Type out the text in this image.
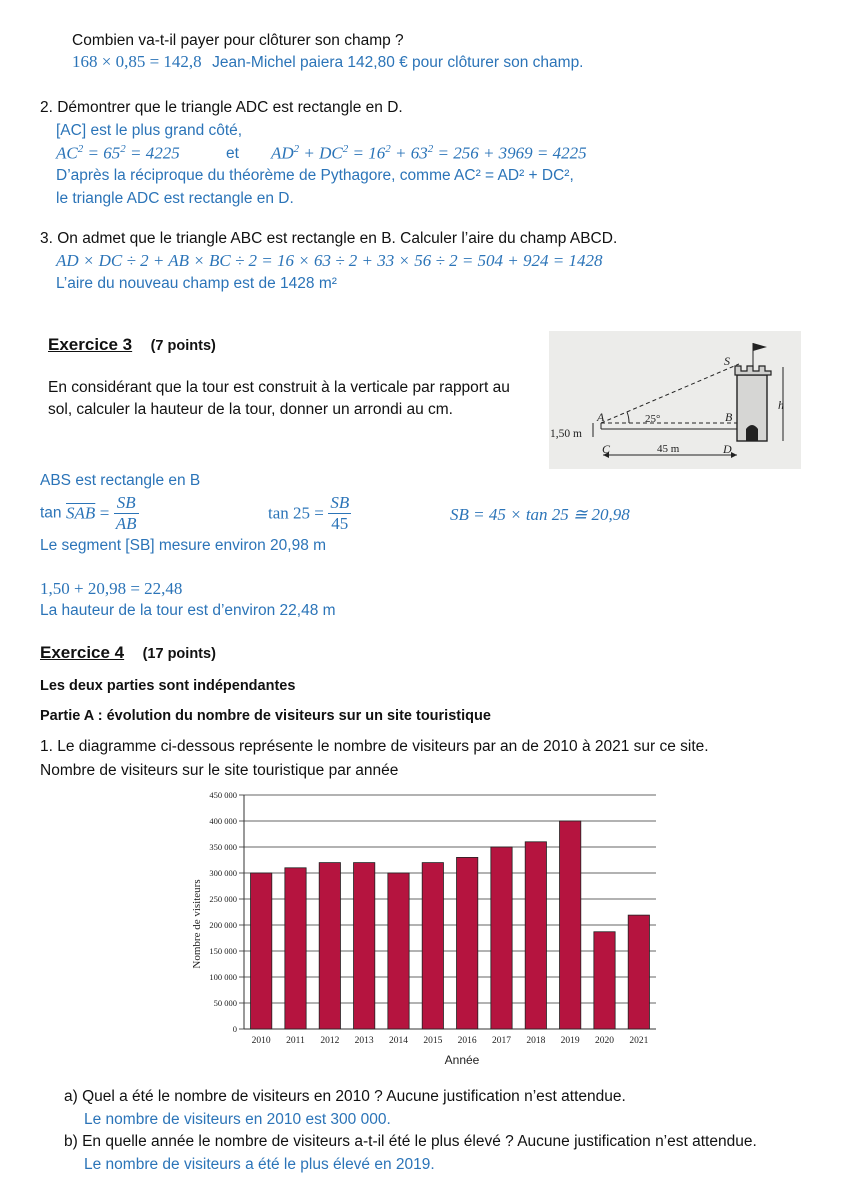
Combien va-t-il payer pour clôturer son champ ?
168 × 0,85 = 142,8 Jean-Michel paiera 142,80 € pour clôturer son champ.
2. Démontrer que le triangle ADC est rectangle en D.
[AC] est le plus grand côté,
$AC^2 = 65^2 = 4225$	et $AD^2 + DC^2 = 16^2 + 63^2 = 256 + 3969 = 4225$
D’après la réciproque du théorème de Pythagore, comme AC² = AD² + DC²,
le triangle ADC est rectangle en D.
3. On admet que le triangle ABC est rectangle en B. Calculer l’aire du champ ABCD.
AD × DC ÷ 2 + AB × BC ÷ 2 = 16 × 63 ÷ 2 + 33 × 56 ÷ 2 = 504 + 924 = 1428
L’aire du nouveau champ est de 1428 m²
Exercice 3 (7 points)
En considérant que la tour est construit à la verticale par rapport au
sol, calculer la hauteur de la tour, donner un arrondi au cm.
S
h
A	B
C	D
25°
45 m
1,50 m
ABS est rectangle en B
$\tan \overline{SAB} = \frac{SB}{AB}$	$\tan 25 = \frac{SB}{45}$	SB = 45 × tan 25 ≅ 20,98
Le segment [SB] mesure environ 20,98 m
1,50 + 20,98 = 22,48
La hauteur de la tour est d’environ 22,48 m
Exercice 4 (17 points)
Les deux parties sont indépendantes
Partie A : évolution du nombre de visiteurs sur un site touristique
1. Le diagramme ci-dessous représente le nombre de visiteurs par an de 2010 à 2021 sur ce site.
Nombre de visiteurs sur le site touristique par année
0
50 000
100 000
150 000
200 000
250 000
300 000
350 000
400 000
450 000
2010 2011 2012 2013 2014 2015 2016 2017 2018 2019 2020 2021
Année
Nombre de visiteurs
a) Quel a été le nombre de visiteurs en 2010 ? Aucune justification n’est attendue.
Le nombre de visiteurs en 2010 est 300 000.
b) En quelle année le nombre de visiteurs a-t-il été le plus élevé ? Aucune justification n’est attendue.
Le nombre de visiteurs a été le plus élevé en 2019.
